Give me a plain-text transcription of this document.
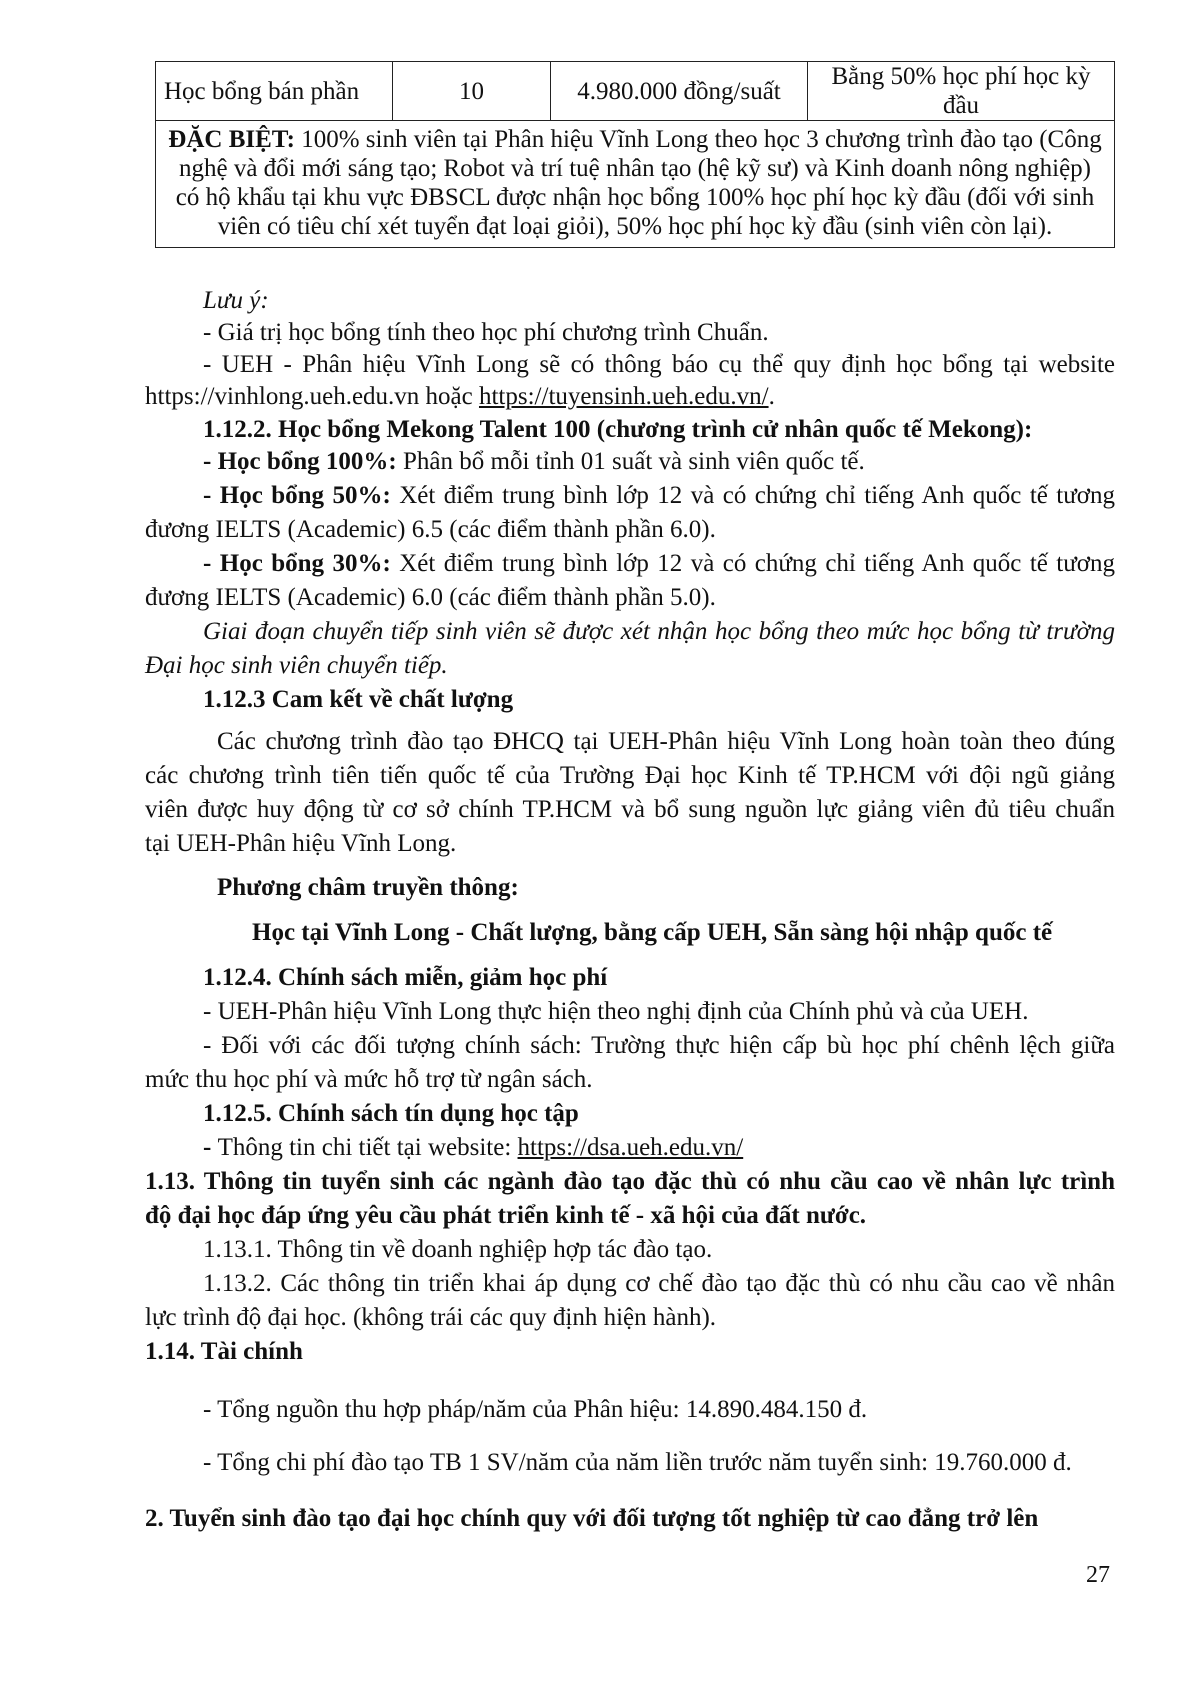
Học bổng bán phần	10	4.980.000 đồng/suất	Bằng 50% học phí học kỳ đầu
ĐẶC BIỆT: 100% sinh viên tại Phân hiệu Vĩnh Long theo học 3 chương trình đào tạo (Công nghệ và đổi mới sáng tạo; Robot và trí tuệ nhân tạo (hệ kỹ sư) và Kinh doanh nông nghiệp) có hộ khẩu tại khu vực ĐBSCL được nhận học bổng 100% học phí học kỳ đầu (đối với sinh viên có tiêu chí xét tuyển đạt loại giỏi), 50% học phí học kỳ đầu (sinh viên còn lại).
Lưu ý:
- Giá trị học bổng tính theo học phí chương trình Chuẩn.
- UEH - Phân hiệu Vĩnh Long sẽ có thông báo cụ thể quy định học bổng tại website
https://vinhlong.ueh.edu.vn hoặc https://tuyensinh.ueh.edu.vn/.
1.12.2. Học bổng Mekong Talent 100 (chương trình cử nhân quốc tế Mekong):
- Học bổng 100%: Phân bổ mỗi tỉnh 01 suất và sinh viên quốc tế.
- Học bổng 50%: Xét điểm trung bình lớp 12 và có chứng chỉ tiếng Anh quốc tế tương
đương IELTS (Academic) 6.5 (các điểm thành phần 6.0).
- Học bổng 30%: Xét điểm trung bình lớp 12 và có chứng chỉ tiếng Anh quốc tế tương
đương IELTS (Academic) 6.0 (các điểm thành phần 5.0).
Giai đoạn chuyển tiếp sinh viên sẽ được xét nhận học bổng theo mức học bổng từ trường
Đại học sinh viên chuyển tiếp.
1.12.3 Cam kết về chất lượng
Các chương trình đào tạo ĐHCQ tại UEH-Phân hiệu Vĩnh Long hoàn toàn theo đúng
các chương trình tiên tiến quốc tế của Trường Đại học Kinh tế TP.HCM với đội ngũ giảng
viên được huy động từ cơ sở chính TP.HCM và bổ sung nguồn lực giảng viên đủ tiêu chuẩn
tại UEH-Phân hiệu Vĩnh Long.
Phương châm truyền thông:
Học tại Vĩnh Long - Chất lượng, bằng cấp UEH, Sẵn sàng hội nhập quốc tế
1.12.4. Chính sách miễn, giảm học phí
- UEH-Phân hiệu Vĩnh Long thực hiện theo nghị định của Chính phủ và của UEH.
- Đối với các đối tượng chính sách: Trường thực hiện cấp bù học phí chênh lệch giữa
mức thu học phí và mức hỗ trợ từ ngân sách.
1.12.5. Chính sách tín dụng học tập
- Thông tin chi tiết tại website: https://dsa.ueh.edu.vn/
1.13. Thông tin tuyển sinh các ngành đào tạo đặc thù có nhu cầu cao về nhân lực trình
độ đại học đáp ứng yêu cầu phát triển kinh tế - xã hội của đất nước.
1.13.1. Thông tin về doanh nghiệp hợp tác đào tạo.
1.13.2. Các thông tin triển khai áp dụng cơ chế đào tạo đặc thù có nhu cầu cao về nhân
lực trình độ đại học. (không trái các quy định hiện hành).
1.14. Tài chính
- Tổng nguồn thu hợp pháp/năm của Phân hiệu: 14.890.484.150 đ.
- Tổng chi phí đào tạo TB 1 SV/năm của năm liền trước năm tuyển sinh: 19.760.000 đ.
2. Tuyển sinh đào tạo đại học chính quy với đối tượng tốt nghiệp từ cao đẳng trở lên
27
